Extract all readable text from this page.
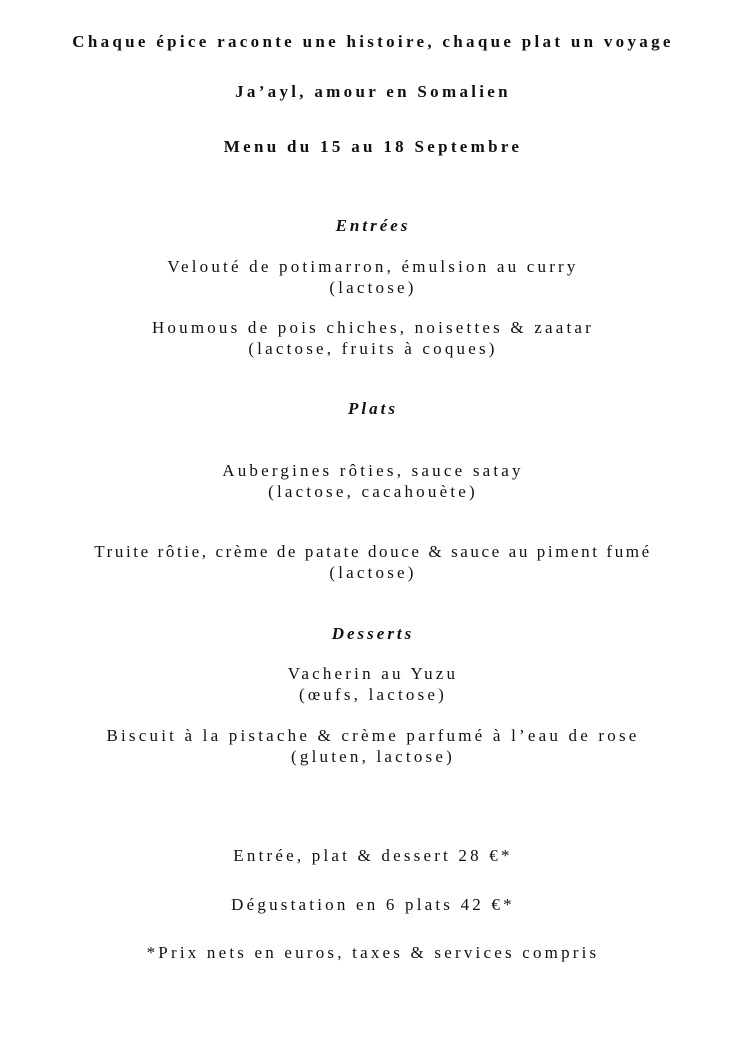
Chaque épice raconte une histoire, chaque plat un voyage
Ja’ayl, amour en Somalien
Menu du 15 au 18 Septembre
Entrées
Velouté de potimarron, émulsion au curry
(lactose)
Houmous de pois chiches, noisettes & zaatar
(lactose, fruits à coques)
Plats
Aubergines rôties, sauce satay
(lactose, cacahouète)
Truite rôtie, crème de patate douce & sauce au piment fumé
(lactose)
Desserts
Vacherin au Yuzu
(œufs, lactose)
Biscuit à la pistache & crème parfumé à l’eau de rose
(gluten, lactose)
Entrée, plat & dessert 28 €*
Dégustation en 6 plats 42 €*
*Prix nets en euros, taxes & services compris
